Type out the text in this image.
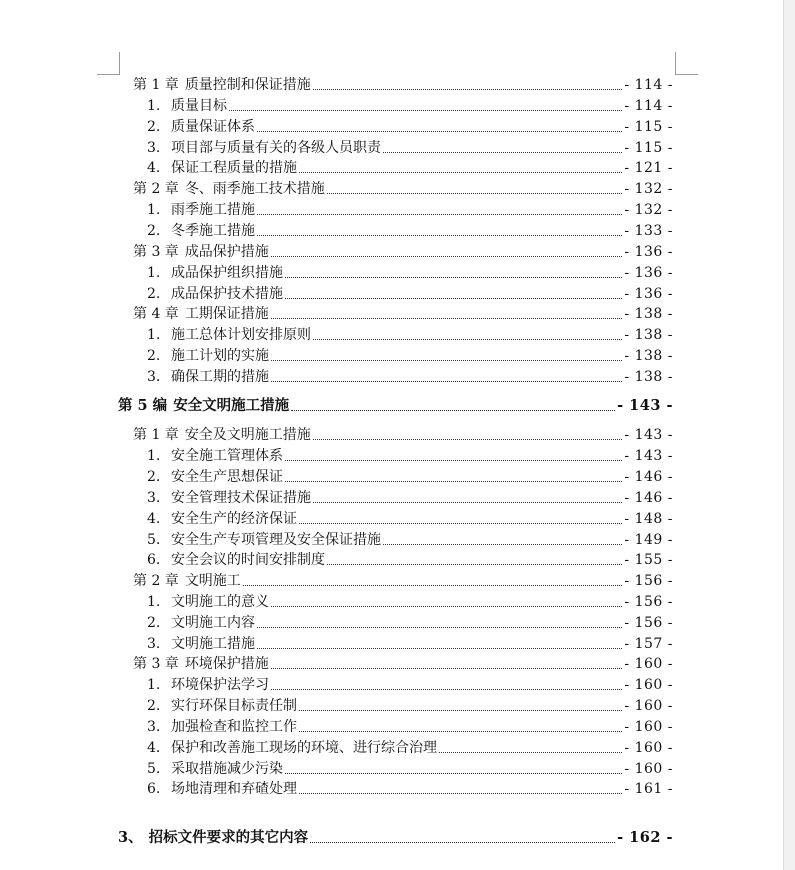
第 1 章 质量控制和保证措施	- 114 -
1. 质量目标	- 114 -
2. 质量保证体系	- 115 -
3. 项目部与质量有关的各级人员职责	- 115 -
4. 保证工程质量的措施	- 121 -
第 2 章 冬、雨季施工技术措施	- 132 -
1. 雨季施工措施	- 132 -
2. 冬季施工措施	- 133 -
第 3 章 成品保护措施	- 136 -
1. 成品保护组织措施	- 136 -
2. 成品保护技术措施	- 136 -
第 4 章 工期保证措施	- 138 -
1. 施工总体计划安排原则	- 138 -
2. 施工计划的实施	- 138 -
3. 确保工期的措施	- 138 -
第 5 编 安全文明施工措施	- 143 -
第 1 章 安全及文明施工措施	- 143 -
1. 安全施工管理体系	- 143 -
2. 安全生产思想保证	- 146 -
3. 安全管理技术保证措施	- 146 -
4. 安全生产的经济保证	- 148 -
5. 安全生产专项管理及安全保证措施	- 149 -
6. 安全会议的时间安排制度	- 155 -
第 2 章 文明施工	- 156 -
1. 文明施工的意义	- 156 -
2. 文明施工内容	- 156 -
3. 文明施工措施	- 157 -
第 3 章 环境保护措施	- 160 -
1. 环境保护法学习	- 160 -
2. 实行环保目标责任制	- 160 -
3. 加强检查和监控工作	- 160 -
4. 保护和改善施工现场的环境、进行综合治理	- 160 -
5. 采取措施减少污染	- 160 -
6. 场地清理和弃碴处理	- 161 -
3、 招标文件要求的其它内容	- 162 -
